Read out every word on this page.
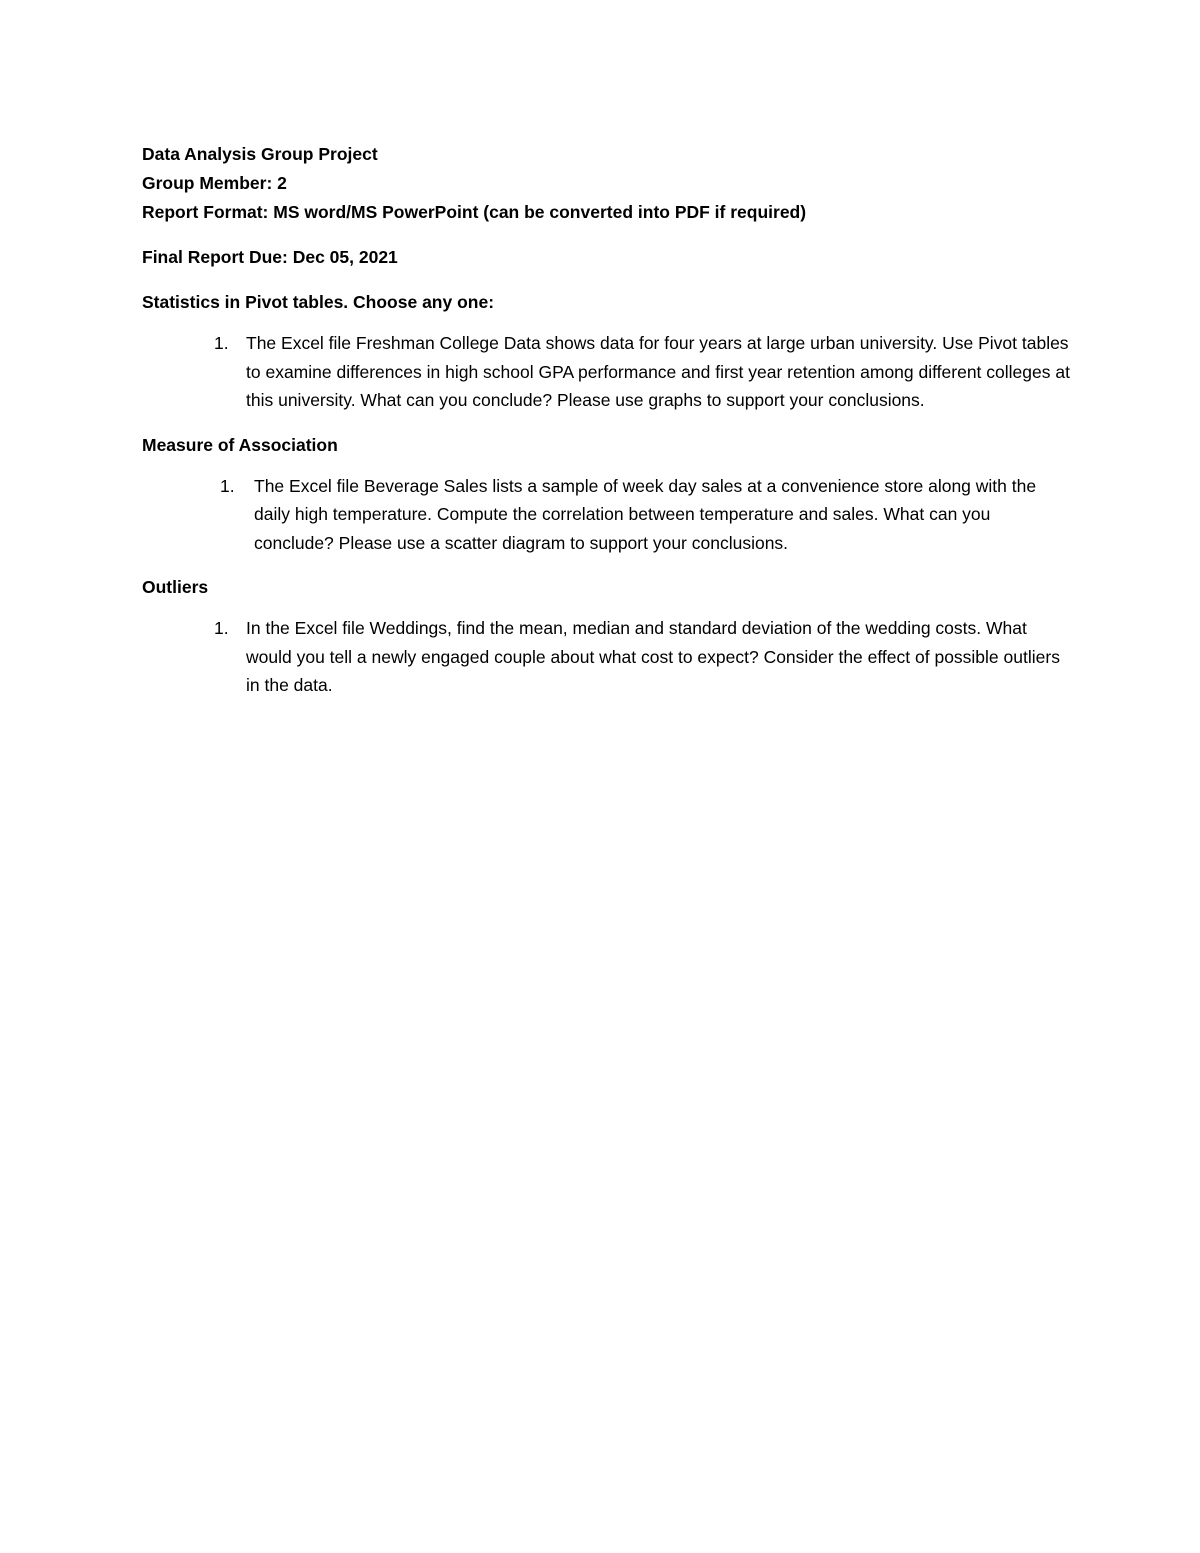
Data Analysis Group Project

Group Member: 2

Report Format: MS word/MS PowerPoint (can be converted into PDF if required)

Final Report Due: Dec 05, 2021

Statistics in Pivot tables. Choose any one:

1. The Excel file Freshman College Data shows data for four years at large urban university. Use Pivot tables to examine differences in high school GPA performance and first year retention among different colleges at this university. What can you conclude? Please use graphs to support your conclusions.

Measure of Association

1. The Excel file Beverage Sales lists a sample of week day sales at a convenience store along with the daily high temperature. Compute the correlation between temperature and sales. What can you conclude? Please use a scatter diagram to support your conclusions.

Outliers

1. In the Excel file Weddings, find the mean, median and standard deviation of the wedding costs. What would you tell a newly engaged couple about what cost to expect? Consider the effect of possible outliers in the data.
